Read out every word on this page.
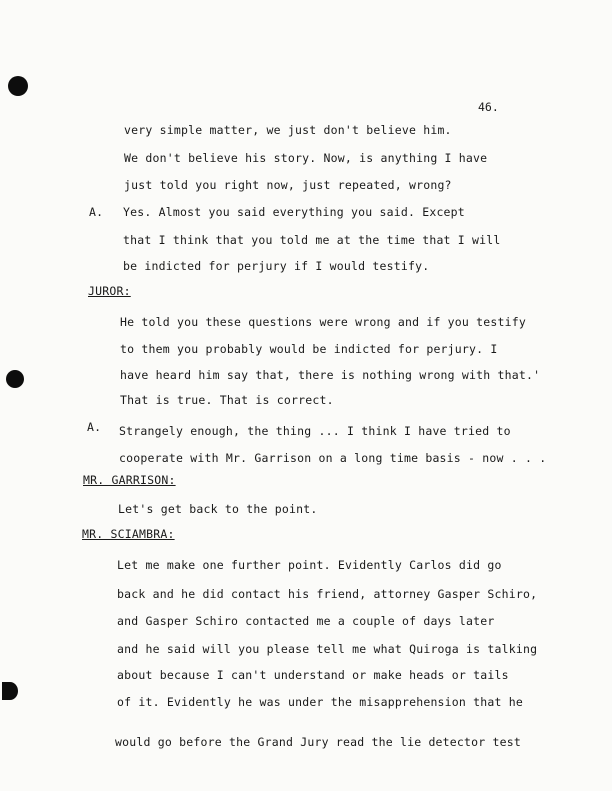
46.
very simple matter, we just don't believe him.
We don't believe his story. Now, is anything I have
just told you right now, just repeated, wrong?
A. Yes. Almost you said everything you said. Except
that I think that you told me at the time that I will
be indicted for perjury if I would testify.
JUROR:
He told you these questions were wrong and if you testify
to them you probably would be indicted for perjury. I
have heard him say that, there is nothing wrong with that.'
That is true. That is correct.
A. Strangely enough, the thing ... I think I have tried to
cooperate with Mr. Garrison on a long time basis - now . . .
MR. GARRISON:
Let's get back to the point.
MR. SCIAMBRA:
Let me make one further point. Evidently Carlos did go
back and he did contact his friend, attorney Gasper Schiro,
and Gasper Schiro contacted me a couple of days later
and he said will you please tell me what Quiroga is talking
about because I can't understand or make heads or tails
of it. Evidently he was under the misapprehension that he
would go before the Grand Jury read the lie detector test
